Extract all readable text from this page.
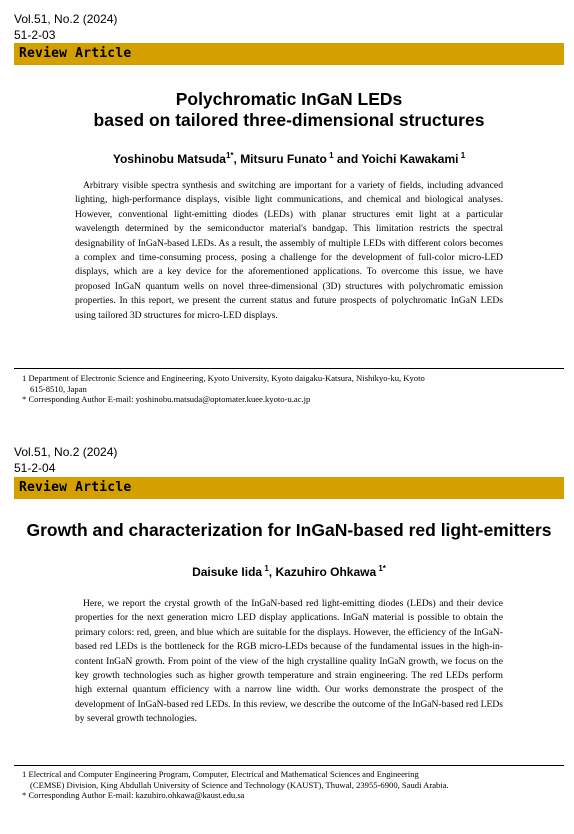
Vol.51, No.2 (2024)
51-2-03
Review Article
Polychromatic InGaN LEDs
based on tailored three-dimensional structures
Yoshinobu Matsuda$^{1*}$, Mitsuru Funato $^1$ and Yoichi Kawakami $^1$

Arbitrary visible spectra synthesis and switching are important for a variety of fields, including advanced lighting, high-performance displays, visible light communications, and chemical and biological analyses. However, conventional light-emitting diodes (LEDs) with planar structures emit light at a particular wavelength determined by the semiconductor material's bandgap. This limitation restricts the spectral designability of InGaN-based LEDs. As a result, the assembly of multiple LEDs with different colors becomes a complex and time-consuming process, posing a challenge for the development of full-color micro-LED displays, which are a key device for the aforementioned applications. To overcome this issue, we have proposed InGaN quantum wells on novel three-dimensional (3D) structures with polychromatic emission properties. In this report, we present the current status and future prospects of polychromatic InGaN LEDs using tailored 3D structures for micro-LED displays.

1 Department of Electronic Science and Engineering, Kyoto University, Kyoto daigaku-Katsura, Nishikyo-ku, Kyoto

615-8510, Japan

* Corresponding Author E-mail: yoshinobu.matsuda@optomater.kuee.kyoto-u.ac.jp

Vol.51, No.2 (2024)
51-2-04
Review Article
Growth and characterization for InGaN-based red light-emitters
Daisuke Iida $^1$, Kazuhiro Ohkawa $^{1*}$

Here, we report the crystal growth of the InGaN-based red light-emitting diodes (LEDs) and their device properties for the next generation micro LED display applications. InGaN material is possible to obtain the primary colors: red, green, and blue which are suitable for the displays. However, the efficiency of the InGaN-based red LEDs is the bottleneck for the RGB micro-LEDs because of the fundamental issues in the high-in-content InGaN growth. From point of the view of the high crystalline quality InGaN growth, we focus on the key growth technologies such as higher growth temperature and strain engineering. The red LEDs perform high external quantum efficiency with a narrow line width. Our works demonstrate the prospect of the development of InGaN-based red LEDs. In this review, we describe the outcome of the InGaN-based red LEDs by several growth technologies.

1 Electrical and Computer Engineering Program, Computer, Electrical and Mathematical Sciences and Engineering

(CEMSE) Division, King Abdullah University of Science and Technology (KAUST), Thuwal, 23955-6900, Saudi Arabia.

* Corresponding Author E-mail: kazuhiro.ohkawa@kaust.edu.sa
